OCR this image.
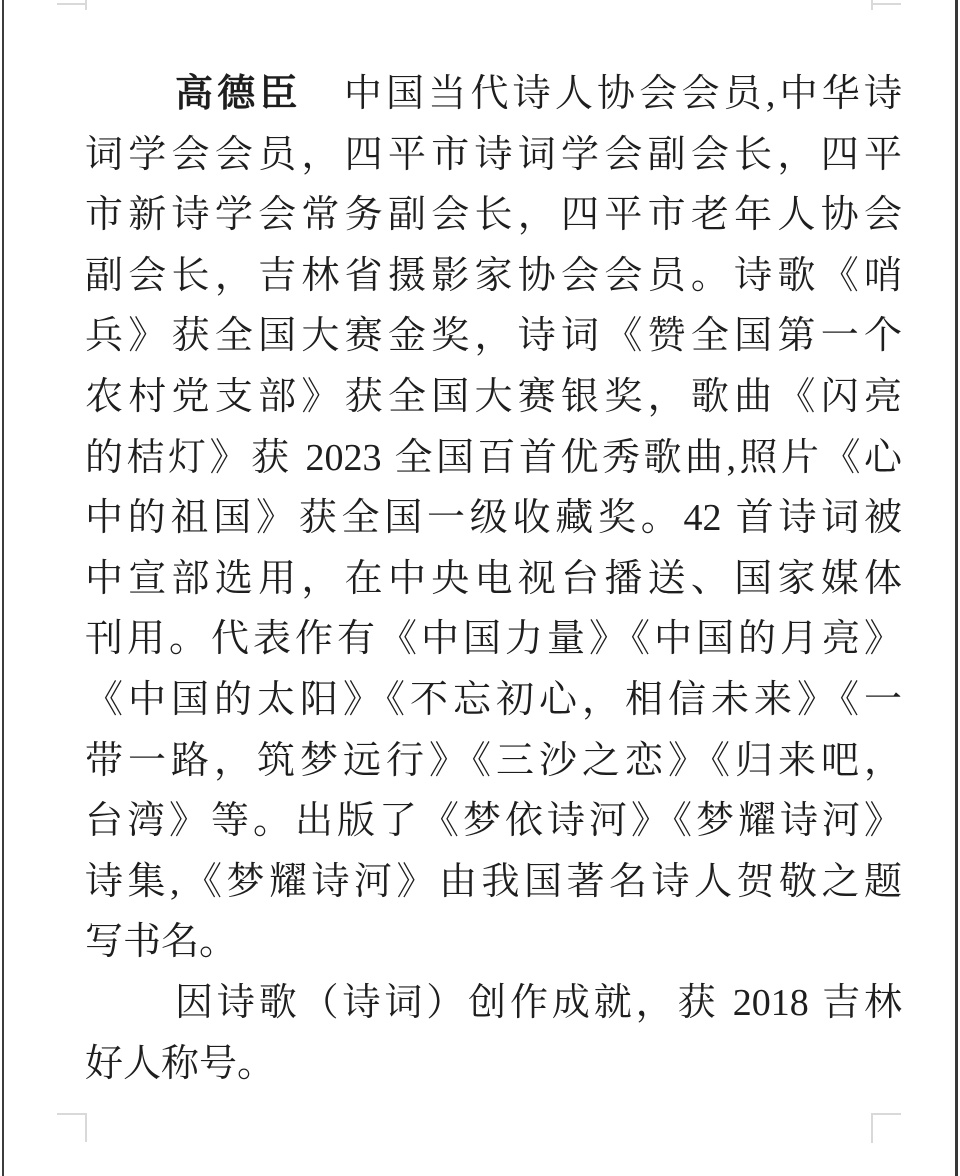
高德臣　中国当代诗人协会会员,中华诗
词学会会员，四平市诗词学会副会长，四平
市新诗学会常务副会长，四平市老年人协会
副会长，吉林省摄影家协会会员。诗歌《哨
兵》获全国大赛金奖，诗词《赞全国第一个
农村党支部》获全国大赛银奖，歌曲《闪亮
的桔灯》获 2023 全国百首优秀歌曲,照片《心
中的祖国》获全国一级收藏奖。42 首诗词被
中宣部选用，在中央电视台播送、国家媒体
刊用。代表作有《中国力量》《中国的月亮》
《中国的太阳》《不忘初心，相信未来》《一
带一路，筑梦远行》《三沙之恋》《归来吧，
台湾》等。出版了《梦依诗河》《梦耀诗河》
诗集,《梦耀诗河》由我国著名诗人贺敬之题
写书名。
因诗歌（诗词）创作成就，获 2018 吉林
好人称号。
